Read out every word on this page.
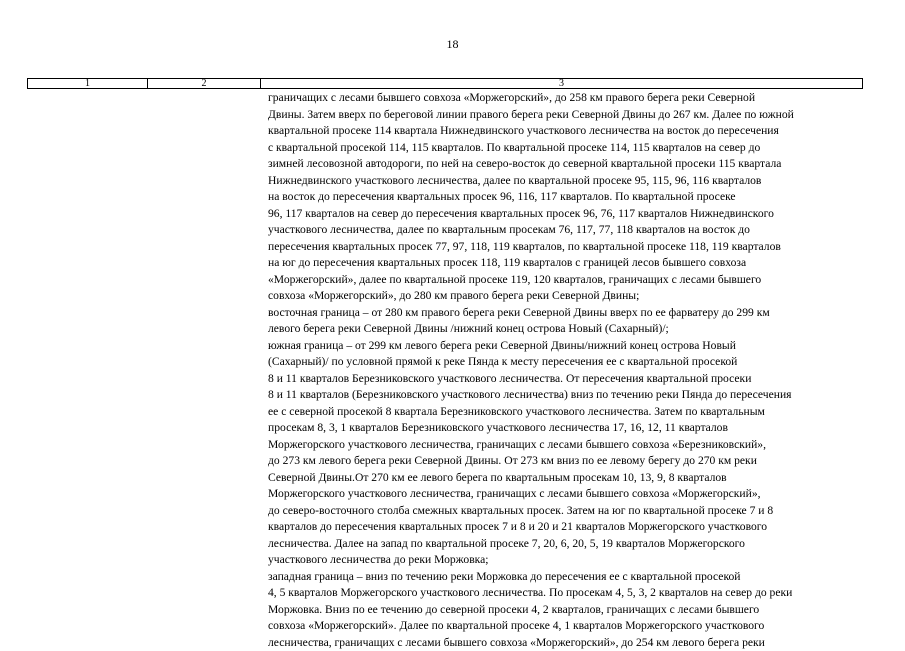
18
1	2	3
граничащих с лесами бывшего совхоза «Моржегорский», до 258 км правого берега реки Северной
Двины. Затем вверх по береговой линии правого берега реки Северной Двины до 267 км. Далее по южной
квартальной просеке 114 квартала Нижнедвинского участкового лесничества на восток до пересечения
с квартальной просекой 114, 115 кварталов. По квартальной просеке 114, 115 кварталов на север до
зимней лесовозной автодороги, по ней на северо-восток до северной квартальной просеки 115 квартала
Нижнедвинского участкового лесничества, далее по квартальной просеке 95, 115, 96, 116 кварталов
на восток до пересечения квартальных просек 96, 116, 117 кварталов. По квартальной просеке
96, 117 кварталов на север до пересечения квартальных просек 96, 76, 117 кварталов Нижнедвинского
участкового лесничества, далее по квартальным просекам 76, 117, 77, 118 кварталов на восток до
пересечения квартальных просек 77, 97, 118, 119 кварталов, по квартальной просеке 118, 119 кварталов
на юг до пересечения квартальных просек 118, 119 кварталов с границей лесов бывшего совхоза
«Моржегорский», далее по квартальной просеке 119, 120 кварталов, граничащих с лесами бывшего
совхоза «Моржегорский», до 280 км правого берега реки Северной Двины;
восточная граница – от 280 км правого берега реки Северной Двины вверх по ее фарватеру до 299 км
левого берега реки Северной Двины /нижний конец острова Новый (Сахарный)/;
южная граница – от 299 км левого берега реки Северной Двины/нижний конец острова Новый
(Сахарный)/ по условной прямой к реке Пянда к месту пересечения ее с квартальной просекой
8 и 11 кварталов Березниковского участкового лесничества. От пересечения квартальной просеки
8 и 11 кварталов (Березниковского участкового лесничества) вниз по течению реки Пянда до пересечения
ее с северной просекой 8 квартала Березниковского участкового лесничества. Затем по квартальным
просекам 8, 3, 1 кварталов Березниковского участкового лесничества 17, 16, 12, 11 кварталов
Моржегорского участкового лесничества, граничащих с лесами бывшего совхоза «Березниковский»,
до 273 км левого берега реки Северной Двины. От 273 км вниз по ее левому берегу до 270 км реки
Северной Двины.От 270 км ее левого берега по квартальным просекам 10, 13, 9, 8 кварталов
Моржегорского участкового лесничества, граничащих с лесами бывшего совхоза «Моржегорский»,
до северо-восточного столба смежных квартальных просек. Затем на юг по квартальной просеке 7 и 8
кварталов до пересечения квартальных просек 7 и 8 и 20 и 21 кварталов Моржегорского участкового
лесничества. Далее на запад по квартальной просеке 7, 20, 6, 20, 5, 19 кварталов Моржегорского
участкового лесничества до реки Моржовка;
западная граница – вниз по течению реки Моржовка до пересечения ее с квартальной просекой
4, 5 кварталов Моржегорского участкового лесничества. По просекам 4, 5, 3, 2 кварталов на север до реки
Моржовка. Вниз по ее течению до северной просеки 4, 2 кварталов, граничащих с лесами бывшего
совхоза «Моржегорский». Далее по квартальной просеке 4, 1 кварталов Моржегорского участкового
лесничества, граничащих с лесами бывшего совхоза «Моржегорский», до 254 км левого берега реки
